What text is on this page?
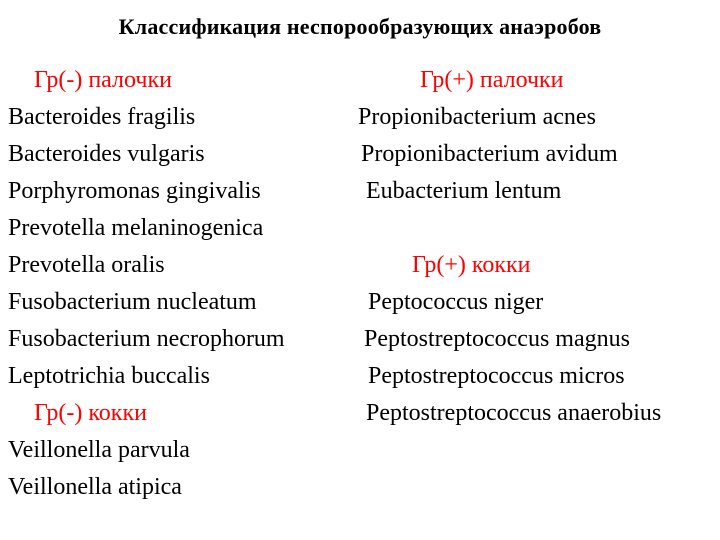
Классификация неспорообразующих анаэробов
Гр(-) палочки
Bacteroides fragilis
Bacteroides vulgaris
Porphyromonas gingivalis
Prevotella melaninogenica
Prevotella oralis
Fusobacterium nucleatum
Fusobacterium necrophorum
Leptotrichia buccalis
Гр(-) кокки
Veillonella parvula
Veillonella atipica
Гр(+) палочки
Propionibacterium acnes
Propionibacterium avidum
Eubacterium lentum
Гр(+) кокки
Peptococcus niger
Peptostreptococcus magnus
Peptostreptococcus micros
Peptostreptococcus anaerobius
